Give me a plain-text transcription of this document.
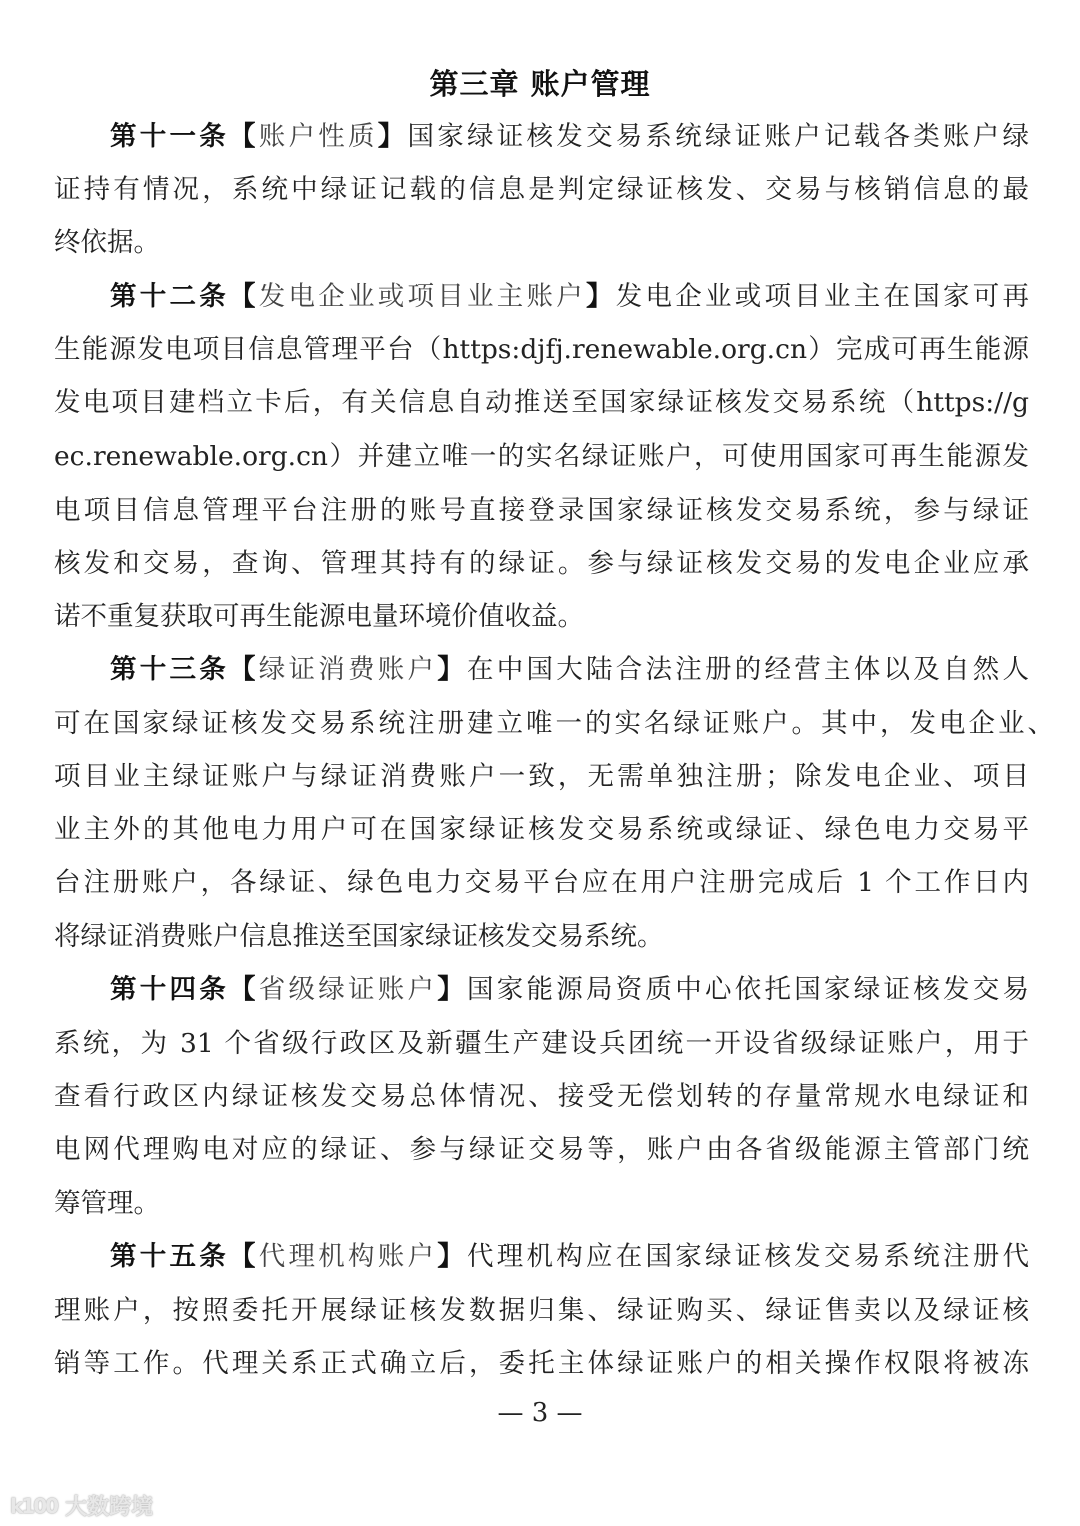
第三章 账户管理
第十一条【账户性质】国家绿证核发交易系统绿证账户记载各类账户绿
证持有情况，系统中绿证记载的信息是判定绿证核发、交易与核销信息的最
终依据。
第十二条【发电企业或项目业主账户】发电企业或项目业主在国家可再
生能源发电项目信息管理平台（https:djfj.renewable.org.cn）完成可再生能源
发电项目建档立卡后，有关信息自动推送至国家绿证核发交易系统（https://g
ec.renewable.org.cn）并建立唯一的实名绿证账户，可使用国家可再生能源发
电项目信息管理平台注册的账号直接登录国家绿证核发交易系统，参与绿证
核发和交易，查询、管理其持有的绿证。参与绿证核发交易的发电企业应承
诺不重复获取可再生能源电量环境价值收益。
第十三条【绿证消费账户】在中国大陆合法注册的经营主体以及自然人
可在国家绿证核发交易系统注册建立唯一的实名绿证账户。其中，发电企业、
项目业主绿证账户与绿证消费账户一致，无需单独注册；除发电企业、项目
业主外的其他电力用户可在国家绿证核发交易系统或绿证、绿色电力交易平
台注册账户，各绿证、绿色电力交易平台应在用户注册完成后 1 个工作日内
将绿证消费账户信息推送至国家绿证核发交易系统。
第十四条【省级绿证账户】国家能源局资质中心依托国家绿证核发交易
系统，为 31 个省级行政区及新疆生产建设兵团统一开设省级绿证账户，用于
查看行政区内绿证核发交易总体情况、接受无偿划转的存量常规水电绿证和
电网代理购电对应的绿证、参与绿证交易等，账户由各省级能源主管部门统
筹管理。
第十五条【代理机构账户】代理机构应在国家绿证核发交易系统注册代
理账户，按照委托开展绿证核发数据归集、绿证购买、绿证售卖以及绿证核
销等工作。代理关系正式确立后，委托主体绿证账户的相关操作权限将被冻
— 3 —
k100 大数跨境
